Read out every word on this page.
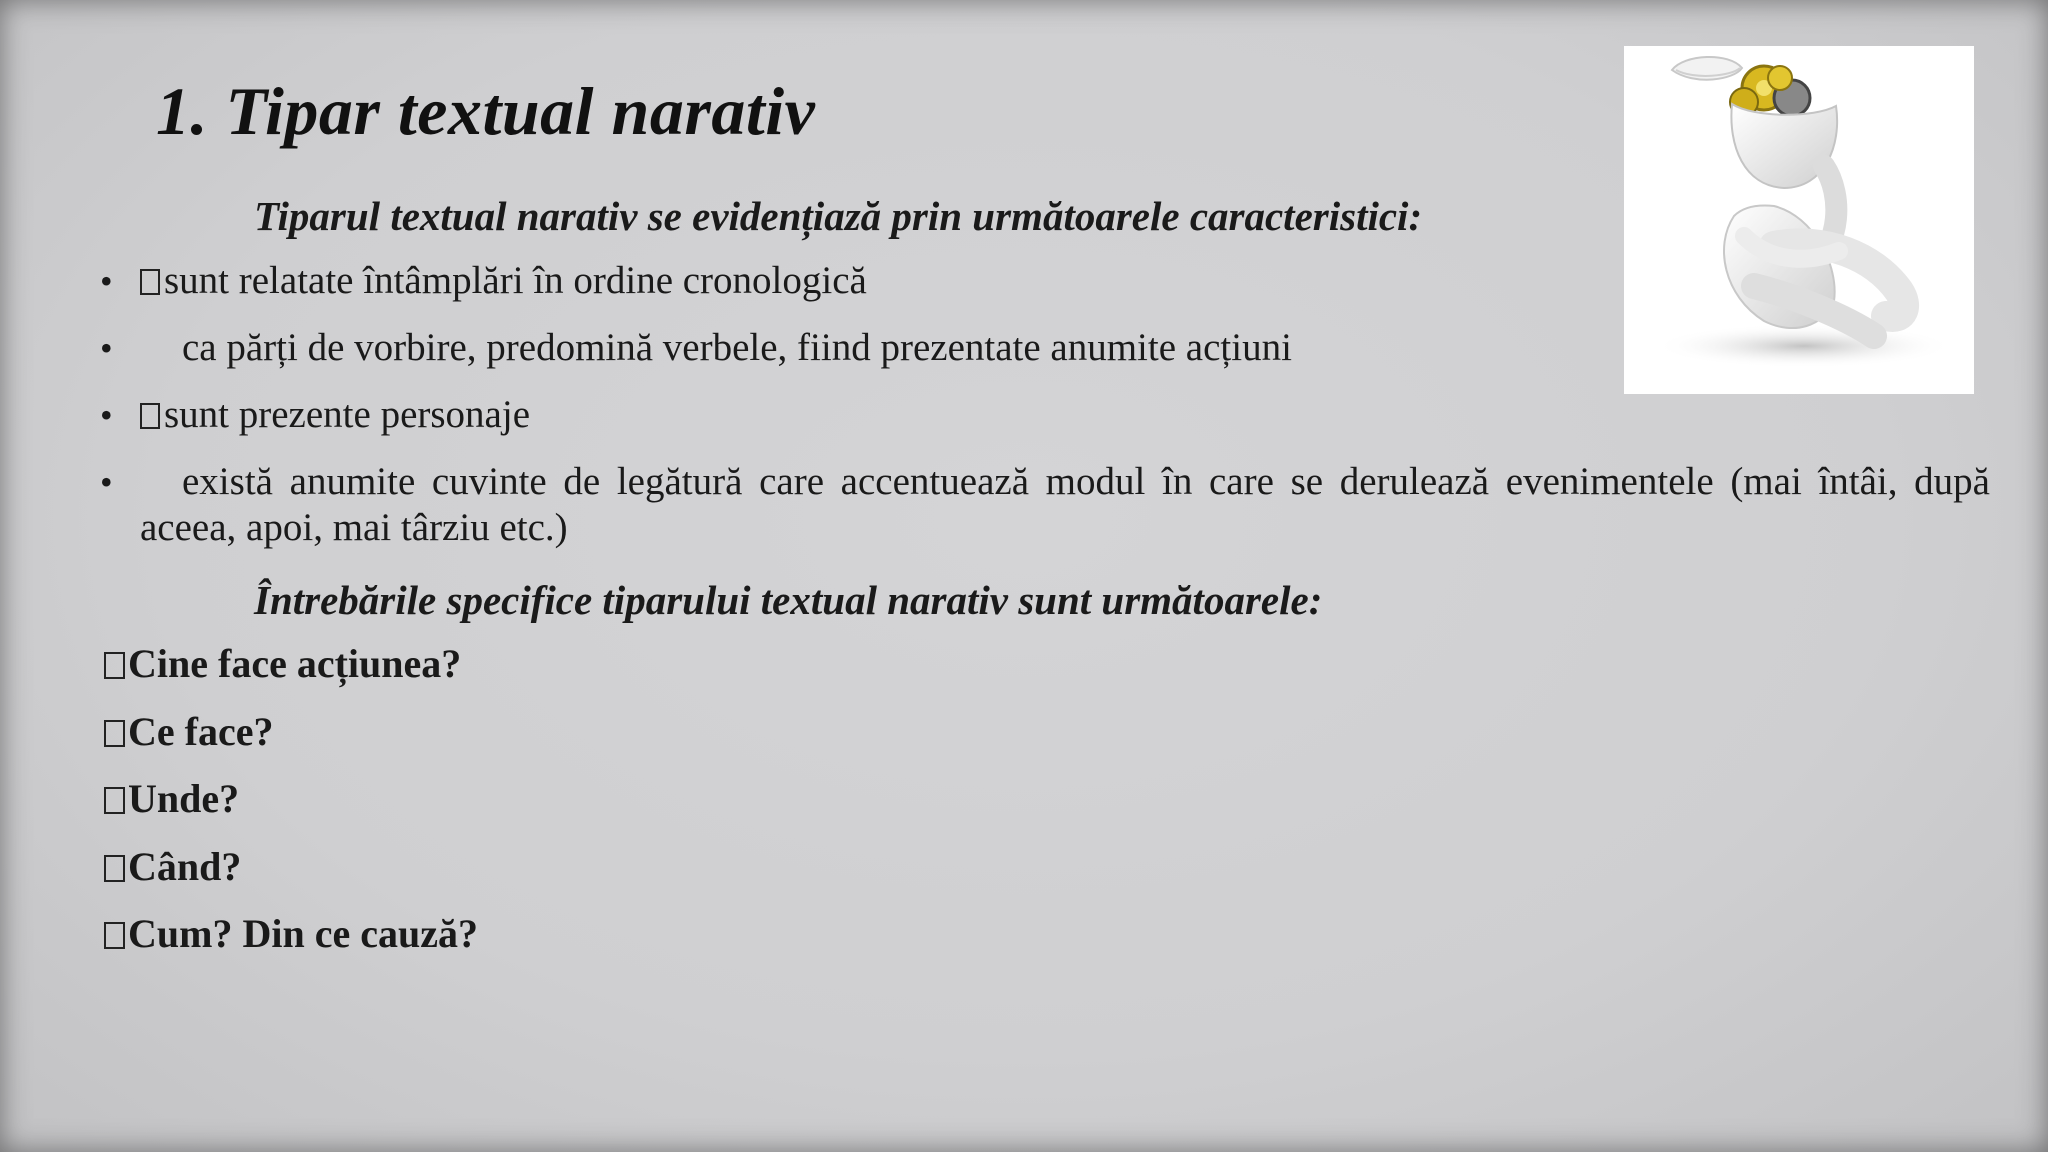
1. Tipar textual narativ
Tiparul textual narativ se evidențiază prin următoarele caracteristici:
• sunt relatate întâmplări în ordine cronologică
• ca părți de vorbire, predomină verbele, fiind prezentate anumite acțiuni
• sunt prezente personaje
• există anumite cuvinte de legătură care accentuează modul în care se derulează evenimentele (mai întâi, după aceea, apoi, mai târziu etc.)
Întrebările specifice tiparului textual narativ sunt următoarele:
Cine face acțiunea?
Ce face?
Unde?
Când?
Cum? Din ce cauză?
